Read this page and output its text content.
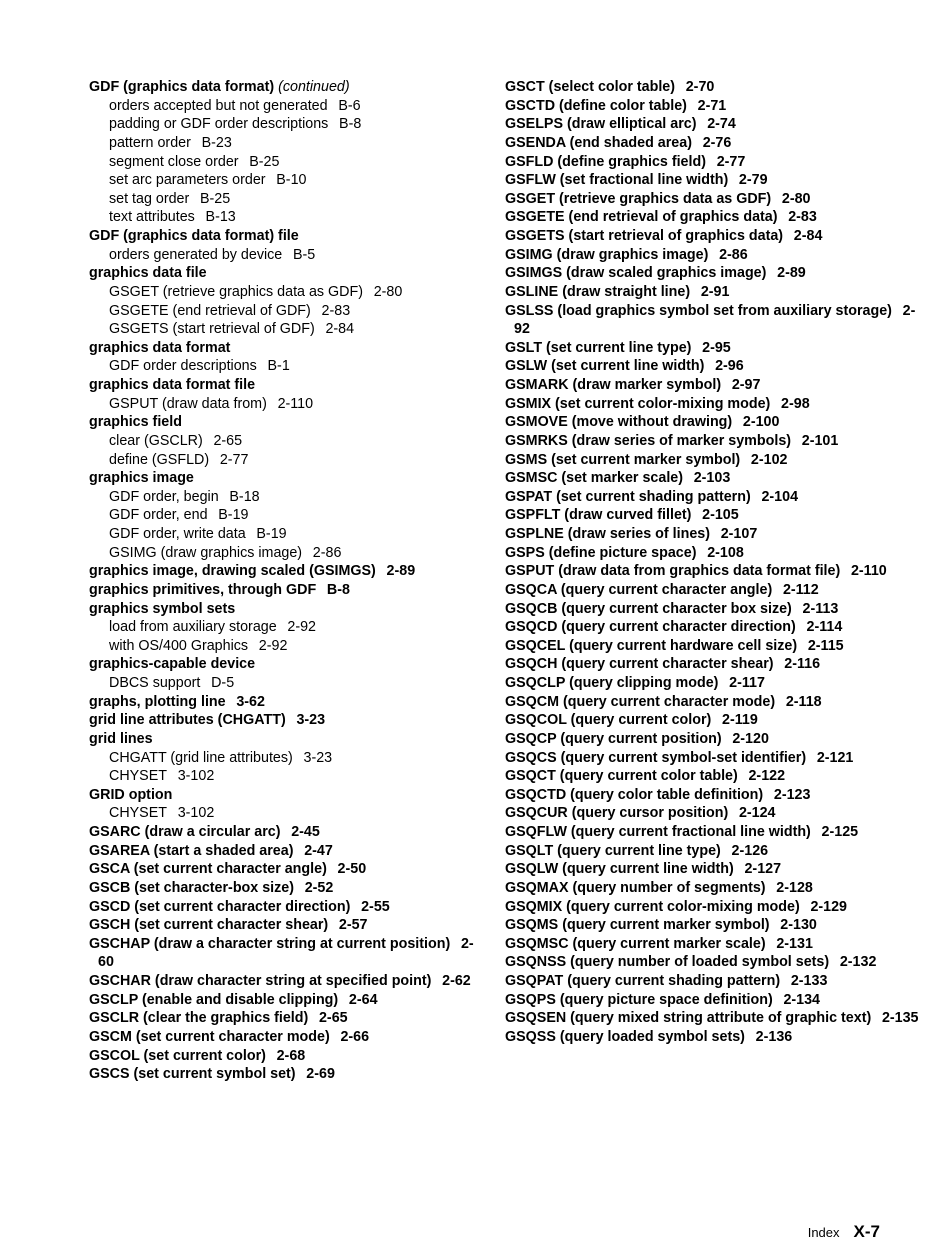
GDF (graphics data format) (continued)
orders accepted but not generated B-6
padding or GDF order descriptions B-8
pattern order B-23
segment close order B-25
set arc parameters order B-10
set tag order B-25
text attributes B-13
GDF (graphics data format) file
orders generated by device B-5
graphics data file
GSGET (retrieve graphics data as GDF) 2-80
GSGETE (end retrieval of GDF) 2-83
GSGETS (start retrieval of GDF) 2-84
graphics data format
GDF order descriptions B-1
graphics data format file
GSPUT (draw data from) 2-110
graphics field
clear (GSCLR) 2-65
define (GSFLD) 2-77
graphics image
GDF order, begin B-18
GDF order, end B-19
GDF order, write data B-19
GSIMG (draw graphics image) 2-86
graphics image, drawing scaled (GSIMGS) 2-89
graphics primitives, through GDF B-8
graphics symbol sets
load from auxiliary storage 2-92
with OS/400 Graphics 2-92
graphics-capable device
DBCS support D-5
graphs, plotting line 3-62
grid line attributes (CHGATT) 3-23
grid lines
CHGATT (grid line attributes) 3-23
CHYSET 3-102
GRID option
CHYSET 3-102
GSARC (draw a circular arc) 2-45
GSAREA (start a shaded area) 2-47
GSCA (set current character angle) 2-50
GSCB (set character-box size) 2-52
GSCD (set current character direction) 2-55
GSCH (set current character shear) 2-57
GSCHAP (draw a character string at current position) 2-60
GSCHAR (draw character string at specified point) 2-62
GSCLP (enable and disable clipping) 2-64
GSCLR (clear the graphics field) 2-65
GSCM (set current character mode) 2-66
GSCOL (set current color) 2-68
GSCS (set current symbol set) 2-69
GSCT (select color table) 2-70
GSCTD (define color table) 2-71
GSELPS (draw elliptical arc) 2-74
GSENDA (end shaded area) 2-76
GSFLD (define graphics field) 2-77
GSFLW (set fractional line width) 2-79
GSGET (retrieve graphics data as GDF) 2-80
GSGETE (end retrieval of graphics data) 2-83
GSGETS (start retrieval of graphics data) 2-84
GSIMG (draw graphics image) 2-86
GSIMGS (draw scaled graphics image) 2-89
GSLINE (draw straight line) 2-91
GSLSS (load graphics symbol set from auxiliary storage) 2-92
GSLT (set current line type) 2-95
GSLW (set current line width) 2-96
GSMARK (draw marker symbol) 2-97
GSMIX (set current color-mixing mode) 2-98
GSMOVE (move without drawing) 2-100
GSMRKS (draw series of marker symbols) 2-101
GSMS (set current marker symbol) 2-102
GSMSC (set marker scale) 2-103
GSPAT (set current shading pattern) 2-104
GSPFLT (draw curved fillet) 2-105
GSPLNE (draw series of lines) 2-107
GSPS (define picture space) 2-108
GSPUT (draw data from graphics data format file) 2-110
GSQCA (query current character angle) 2-112
GSQCB (query current character box size) 2-113
GSQCD (query current character direction) 2-114
GSQCEL (query current hardware cell size) 2-115
GSQCH (query current character shear) 2-116
GSQCLP (query clipping mode) 2-117
GSQCM (query current character mode) 2-118
GSQCOL (query current color) 2-119
GSQCP (query current position) 2-120
GSQCS (query current symbol-set identifier) 2-121
GSQCT (query current color table) 2-122
GSQCTD (query color table definition) 2-123
GSQCUR (query cursor position) 2-124
GSQFLW (query current fractional line width) 2-125
GSQLT (query current line type) 2-126
GSQLW (query current line width) 2-127
GSQMAX (query number of segments) 2-128
GSQMIX (query current color-mixing mode) 2-129
GSQMS (query current marker symbol) 2-130
GSQMSC (query current marker scale) 2-131
GSQNSS (query number of loaded symbol sets) 2-132
GSQPAT (query current shading pattern) 2-133
GSQPS (query picture space definition) 2-134
GSQSEN (query mixed string attribute of graphic text) 2-135
GSQSS (query loaded symbol sets) 2-136
Index X-7
